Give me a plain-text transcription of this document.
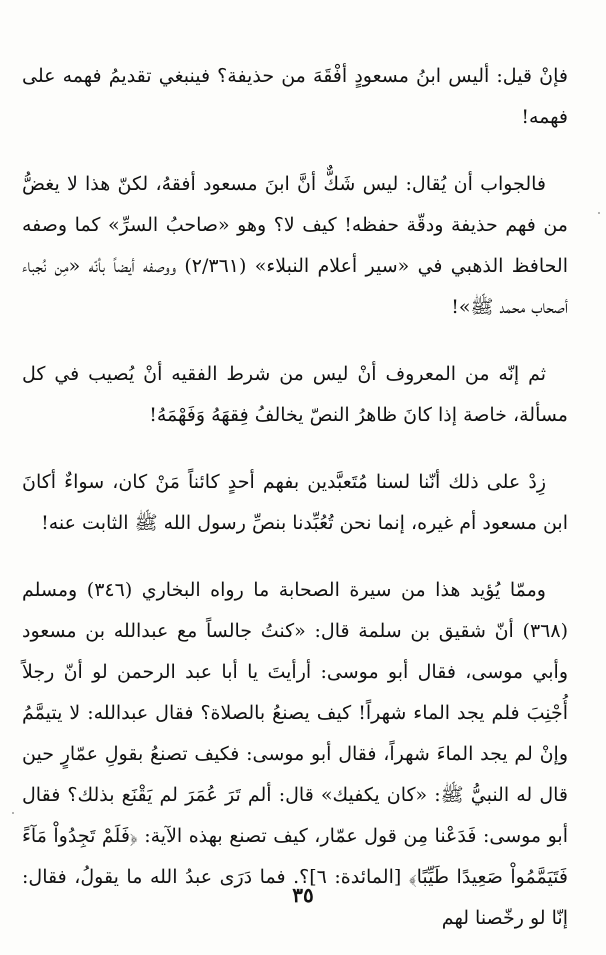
فإنْ قيل: أليس ابنُ مسعودٍ أفْقَهَ من حذيفة؟ فينبغي تقديمُ فهمه على فهمه!

فالجواب أن يُقال: ليس شَكٌّ أنَّ ابنَ مسعود أفقهُ، لكنّ هذا لا يغضُّ من فهم حذيفة ودقّة حفظه! كيف لا؟ وهو «صاحبُ السرِّ» كما وصفه الحافظ الذهبي في «سير أعلام النبلاء» (٢/٣٦١) ووصفه أيضاً بأنّه «مِن نُجباء أصحاب محمد ﷺ»!

ثم إنّه من المعروف أنْ ليس من شرط الفقيه أنْ يُصيب في كل مسألة، خاصة إذا كانَ ظاهرُ النصّ يخالفُ فِقهَهُ وَفَهْمَهُ!

زِدْ على ذلك أنّنا لسنا مُتَعبَّدين بفهم أحدٍ كائناً مَنْ كان، سواءٌ أكانَ ابن مسعود أم غيره، إنما نحن تُعُبِّدنا بنصِّ رسول الله ﷺ الثابت عنه!

وممّا يُؤيد هذا من سيرة الصحابة ما رواه البخاري (٣٤٦) ومسلم (٣٦٨) أنّ شقيق بن سلمة قال: «كنتُ جالساً مع عبدالله بن مسعود وأبي موسى، فقال أبو موسى: أرأيتَ يا أبا عبد الرحمن لو أنّ رجلاً أُجْنِبَ فلم يجد الماء شهراً! كيف يصنعُ بالصلاة؟ فقال عبدالله: لا يتيمَّمُ وإنْ لم يجد الماءَ شهراً، فقال أبو موسى: فكيف تصنعُ بقولِ عمّارٍ حين قال له النبيُّ ﷺ: «كان يكفيك» قال: ألم تَرَ عُمَرَ لم يَقْنَع بذلك؟ فقال أبو موسى: فَدَعْنا مِن قول عمّار، كيف تصنع بهذه الآية: ﴿فَلَمْ تَجِدُواْ مَآءً فَتَيَمَّمُواْ صَعِيدًا طَيِّبًا﴾ [المائدة: ٦]؟. فما دَرَى عبدُ الله ما يقولُ، فقال: إنّا لو رخّصنا لهم

٣٥
